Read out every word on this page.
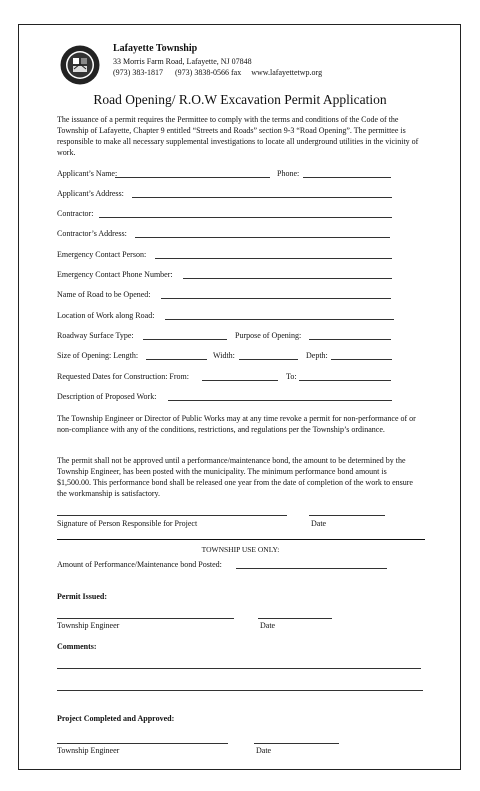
Lafayette Township
33 Morris Farm Road, Lafayette, NJ 07848
(973) 383-1817      (973) 3838-0566 fax     www.lafayettetwp.org
Road Opening/ R.O.W Excavation Permit Application

The issuance of a permit requires the Permittee to comply with the terms and conditions of the Code of the Township of Lafayette, Chapter 9 entitled “Streets and Roads” section 9-3 “Road Opening”. The permittee is responsible to make all necessary supplemental investigations to locate all underground utilities in the vicinity of work.

Applicant’s Name:	Phone:
Applicant’s Address:
Contractor:
Contractor’s Address:
Emergency Contact Person:
Emergency Contact Phone Number:
Name of Road to be Opened:
Location of Work along Road:
Roadway Surface Type:	Purpose of Opening:
Size of Opening: Length:	Width:	Depth:
Requested Dates for Construction: From:	To:
Description of Proposed Work:

The Township Engineer or Director of Public Works may at any time revoke a permit for non-performance of or non-compliance with any of the conditions, restrictions, and regulations per the Township’s ordinance.

The permit shall not be approved until a performance/maintenance bond, the amount to be determined by the Township Engineer, has been posted with the municipality. The minimum performance bond amount is $1,500.00. This performance bond shall be released one year from the date of completion of the work to ensure the workmanship is satisfactory.

Signature of Person Responsible for Project	Date
TOWNSHIP USE ONLY:
Amount of Performance/Maintenance bond Posted:
Permit Issued:
Township Engineer	Date
Comments:
Project Completed and Approved:
Township Engineer	Date
